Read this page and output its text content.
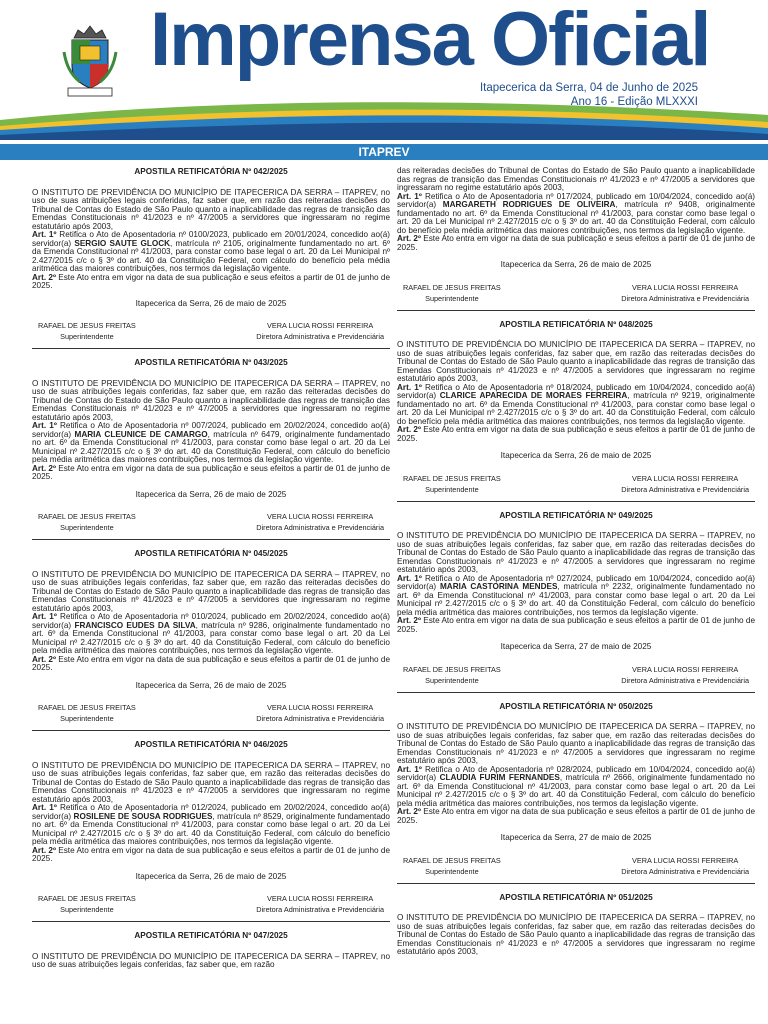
Imprensa Oficial
Itapecerica da Serra, 04 de Junho de 2025
Ano 16 - Edição MLXXXI
ITAPREV
APOSTILA RETIFICATÓRIA Nº 042/2025

O INSTITUTO DE PREVIDÊNCIA DO MUNICÍPIO DE ITAPECERICA DA SERRA – ITAPREV, no uso de suas atribuições legais conferidas, faz saber que, em razão das reiteradas decisões do Tribunal de Contas do Estado de São Paulo quanto a inaplicabilidade das regras de transição das Emendas Constitucionais nº 41/2023 e nº 47/2005 a servidores que ingressaram no regime estatutário após 2003,

Art. 1º Retifica o Ato de Aposentadoria nº 0100/2023, publicado em 20/01/2024, concedido ao(á) servidor(a) SERGIO SAUTE GLOCK, matrícula nº 2105, originalmente fundamentado no art. 6º da Emenda Constitucional nº 41/2003, para constar como base legal o art. 20 da Lei Municipal nº 2.427/2015 c/c o § 3º do art. 40 da Constituição Federal, com cálculo do benefício pela média aritmética das maiores contribuições, nos termos da legislação vigente.

Art. 2º Este Ato entra em vigor na data de sua publicação e seus efeitos a partir de 01 de junho de 2025.

Itapecerica da Serra, 26 de maio de 2025
RAFAEL DE JESUS FREITAS
Superintendente
VERA LUCIA ROSSI FERREIRA
Diretora Administrativa e Previdenciária
APOSTILA RETIFICATÓRIA Nº 043/2025

O INSTITUTO DE PREVIDÊNCIA DO MUNICÍPIO DE ITAPECERICA DA SERRA – ITAPREV, no uso de suas atribuições legais conferidas, faz saber que, em razão das reiteradas decisões do Tribunal de Contas do Estado de São Paulo quanto a inaplicabilidade das regras de transição das Emendas Constitucionais nº 41/2023 e nº 47/2005 a servidores que ingressaram no regime estatutário após 2003,

Art. 1º Retifica o Ato de Aposentadoria nº 007/2024, publicado em 20/02/2024, concedido ao(á) servidor(a) MARIA CLEUNICE DE CAMARGO, matrícula nº 6479, originalmente fundamentado no art. 6º da Emenda Constitucional nº 41/2003, para constar como base legal o art. 20 da Lei Municipal nº 2.427/2015 c/c o § 3º do art. 40 da Constituição Federal, com cálculo do benefício pela média aritmética das maiores contribuições, nos termos da legislação vigente.

Art. 2º Este Ato entra em vigor na data de sua publicação e seus efeitos a partir de 01 de junho de 2025.

Itapecerica da Serra, 26 de maio de 2025
RAFAEL DE JESUS FREITAS
Superintendente
VERA LUCIA ROSSI FERREIRA
Diretora Administrativa e Previdenciária
APOSTILA RETIFICATÓRIA Nº 045/2025

O INSTITUTO DE PREVIDÊNCIA DO MUNICÍPIO DE ITAPECERICA DA SERRA – ITAPREV, no uso de suas atribuições legais conferidas, faz saber que, em razão das reiteradas decisões do Tribunal de Contas do Estado de São Paulo quanto a inaplicabilidade das regras de transição das Emendas Constitucionais nº 41/2023 e nº 47/2005 a servidores que ingressaram no regime estatutário após 2003,

Art. 1º Retifica o Ato de Aposentadoria nº 010/2024, publicado em 20/02/2024, concedido ao(á) servidor(a) FRANCISCO EUDES DA SILVA, matrícula nº 9286, originalmente fundamentado no art. 6º da Emenda Constitucional nº 41/2003, para constar como base legal o art. 20 da Lei Municipal nº 2.427/2015 c/c o § 3º do art. 40 da Constituição Federal, com cálculo do benefício pela média aritmética das maiores contribuições, nos termos da legislação vigente.

Art. 2º Este Ato entra em vigor na data de sua publicação e seus efeitos a partir de 01 de junho de 2025.

Itapecerica da Serra, 26 de maio de 2025
RAFAEL DE JESUS FREITAS
Superintendente
VERA LUCIA ROSSI FERREIRA
Diretora Administrativa e Previdenciária
APOSTILA RETIFICATÓRIA Nº 046/2025

O INSTITUTO DE PREVIDÊNCIA DO MUNICÍPIO DE ITAPECERICA DA SERRA – ITAPREV, no uso de suas atribuições legais conferidas, faz saber que, em razão das reiteradas decisões do Tribunal de Contas do Estado de São Paulo quanto a inaplicabilidade das regras de transição das Emendas Constitucionais nº 41/2023 e nº 47/2005 a servidores que ingressaram no regime estatutário após 2003,

Art. 1º Retifica o Ato de Aposentadoria nº 012/2024, publicado em 20/02/2024, concedido ao(á) servidor(a) ROSILENE DE SOUSA RODRIGUES, matrícula nº 8529, originalmente fundamentado no art. 6º da Emenda Constitucional nº 41/2003, para constar como base legal o art. 20 da Lei Municipal nº 2.427/2015 c/c o § 3º do art. 40 da Constituição Federal, com cálculo do benefício pela média aritmética das maiores contribuições, nos termos da legislação vigente.

Art. 2º Este Ato entra em vigor na data de sua publicação e seus efeitos a partir de 01 de junho de 2025.

Itapecerica da Serra, 26 de maio de 2025
RAFAEL DE JESUS FREITAS
Superintendente
VERA LUCIA ROSSI FERREIRA
Diretora Administrativa e Previdenciária
APOSTILA RETIFICATÓRIA Nº 047/2025

O INSTITUTO DE PREVIDÊNCIA DO MUNICÍPIO DE ITAPECERICA DA SERRA – ITAPREV, no uso de suas atribuições legais conferidas, faz saber que, em razão

das reiteradas decisões do Tribunal de Contas do Estado de São Paulo quanto a inaplicabilidade das regras de transição das Emendas Constitucionais nº 41/2023 e nº 47/2005 a servidores que ingressaram no regime estatutário após 2003,

Art. 1º Retifica o Ato de Aposentadoria nº 017/2024, publicado em 10/04/2024, concedido ao(á) servidor(a) MARGARETH RODRIGUES DE OLIVEIRA, matrícula nº 9408, originalmente fundamentado no art. 6º da Emenda Constitucional nº 41/2003, para constar como base legal o art. 20 da Lei Municipal nº 2.427/2015 c/c o § 3º do art. 40 da Constituição Federal, com cálculo do benefício pela média aritmética das maiores contribuições, nos termos da legislação vigente.

Art. 2º Este Ato entra em vigor na data de sua publicação e seus efeitos a partir de 01 de junho de 2025.

Itapecerica da Serra, 26 de maio de 2025
RAFAEL DE JESUS FREITAS
Superintendente
VERA LUCIA ROSSI FERREIRA
Diretora Administrativa e Previdenciária
APOSTILA RETIFICATÓRIA Nº 048/2025

O INSTITUTO DE PREVIDÊNCIA DO MUNICÍPIO DE ITAPECERICA DA SERRA – ITAPREV, no uso de suas atribuições legais conferidas, faz saber que, em razão das reiteradas decisões do Tribunal de Contas do Estado de São Paulo quanto a inaplicabilidade das regras de transição das Emendas Constitucionais nº 41/2023 e nº 47/2005 a servidores que ingressaram no regime estatutário após 2003,

Art. 1º Retifica o Ato de Aposentadoria nº 018/2024, publicado em 10/04/2024, concedido ao(á) servidor(a) CLARICE APARECIDA DE MORAES FERREIRA, matrícula nº 9219, originalmente fundamentado no art. 6º da Emenda Constitucional nº 41/2003, para constar como base legal o art. 20 da Lei Municipal nº 2.427/2015 c/c o § 3º do art. 40 da Constituição Federal, com cálculo do benefício pela média aritmética das maiores contribuições, nos termos da legislação vigente.

Art. 2º Este Ato entra em vigor na data de sua publicação e seus efeitos a partir de 01 de junho de 2025.

Itapecerica da Serra, 26 de maio de 2025
RAFAEL DE JESUS FREITAS
Superintendente
VERA LUCIA ROSSI FERREIRA
Diretora Administrativa e Previdenciária
APOSTILA RETIFICATÓRIA Nº 049/2025

O INSTITUTO DE PREVIDÊNCIA DO MUNICÍPIO DE ITAPECERICA DA SERRA – ITAPREV, no uso de suas atribuições legais conferidas, faz saber que, em razão das reiteradas decisões do Tribunal de Contas do Estado de São Paulo quanto a inaplicabilidade das regras de transição das Emendas Constitucionais nº 41/2023 e nº 47/2005 a servidores que ingressaram no regime estatutário após 2003,

Art. 1º Retifica o Ato de Aposentadoria nº 027/2024, publicado em 10/04/2024, concedido ao(á) servidor(a) MARIA CASTORINA MENDES, matrícula nº 2232, originalmente fundamentado no art. 6º da Emenda Constitucional nº 41/2003, para constar como base legal o art. 20 da Lei Municipal nº 2.427/2015 c/c o § 3º do art. 40 da Constituição Federal, com cálculo do benefício pela média aritmética das maiores contribuições, nos termos da legislação vigente.

Art. 2º Este Ato entra em vigor na data de sua publicação e seus efeitos a partir de 01 de junho de 2025.

Itapecerica da Serra, 27 de maio de 2025
RAFAEL DE JESUS FREITAS
Superintendente
VERA LUCIA ROSSI FERREIRA
Diretora Administrativa e Previdenciária
APOSTILA RETIFICATÓRIA Nº 050/2025

O INSTITUTO DE PREVIDÊNCIA DO MUNICÍPIO DE ITAPECERICA DA SERRA – ITAPREV, no uso de suas atribuições legais conferidas, faz saber que, em razão das reiteradas decisões do Tribunal de Contas do Estado de São Paulo quanto a inaplicabilidade das regras de transição das Emendas Constitucionais nº 41/2023 e nº 47/2005 a servidores que ingressaram no regime estatutário após 2003,

Art. 1º Retifica o Ato de Aposentadoria nº 028/2024, publicado em 10/04/2024, concedido ao(á) servidor(a) CLAUDIA FURIM FERNANDES, matrícula nº 2666, originalmente fundamentado no art. 6º da Emenda Constitucional nº 41/2003, para constar como base legal o art. 20 da Lei Municipal nº 2.427/2015 c/c o § 3º do art. 40 da Constituição Federal, com cálculo do benefício pela média aritmética das maiores contribuições, nos termos da legislação vigente.

Art. 2º Este Ato entra em vigor na data de sua publicação e seus efeitos a partir de 01 de junho de 2025.

Itapecerica da Serra, 27 de maio de 2025
RAFAEL DE JESUS FREITAS
Superintendente
VERA LUCIA ROSSI FERREIRA
Diretora Administrativa e Previdenciária
APOSTILA RETIFICATÓRIA Nº 051/2025

O INSTITUTO DE PREVIDÊNCIA DO MUNICÍPIO DE ITAPECERICA DA SERRA – ITAPREV, no uso de suas atribuições legais conferidas, faz saber que, em razão das reiteradas decisões do Tribunal de Contas do Estado de São Paulo quanto a inaplicabilidade das regras de transição das Emendas Constitucionais nº 41/2023 e nº 47/2005 a servidores que ingressaram no regime estatutário após 2003,
